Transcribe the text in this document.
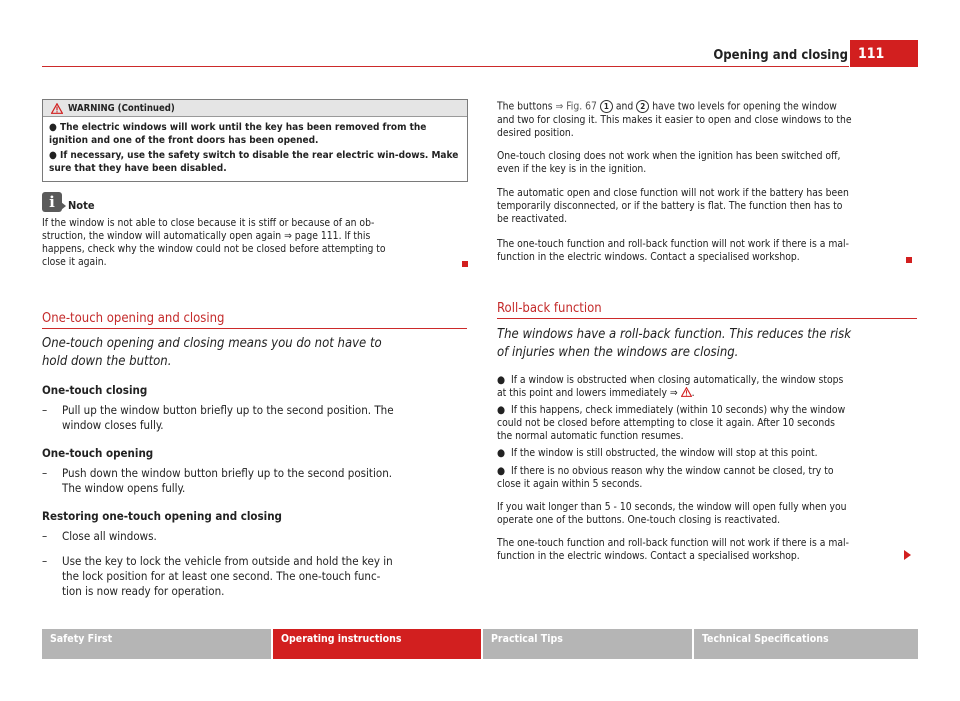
Opening and closing 111
WARNING (Continued)

● The electric windows will work until the key has been removed from the ignition and one of the front doors has been opened.

● If necessary, use the safety switch to disable the rear electric win-dows. Make sure that they have been disabled.

i	Note

If the window is not able to close because it is stiff or because of an ob-

struction, the window will automatically open again ⇒ page 111. If this

happens, check why the window could not be closed before attempting to

close it again.

One-touch opening and closing

One-touch opening and closing means you do not have to

hold down the button.

One-touch closing
–	Pull up the window button briefly up to the second position. The
window closes fully.
One-touch opening
–	Push down the window button briefly up to the second position.
The window opens fully.
Restoring one-touch opening and closing
–	Close all windows.
–	Use the key to lock the vehicle from outside and hold the key in
the lock position for at least one second. The one-touch func-
tion is now ready for operation.

The buttons ⇒ Fig. 67 1 and 2 have two levels for opening the window

and two for closing it. This makes it easier to open and close windows to the

desired position.

One-touch closing does not work when the ignition has been switched off,

even if the key is in the ignition.

The automatic open and close function will not work if the battery has been

temporarily disconnected, or if the battery is flat. The function then has to

be reactivated.

The one-touch function and roll-back function will not work if there is a mal-

function in the electric windows. Contact a specialised workshop.

Roll-back function

The windows have a roll-back function. This reduces the risk

of injuries when the windows are closing.

●  If a window is obstructed when closing automatically, the window stops

at this point and lowers immediately ⇒ .

●  If this happens, check immediately (within 10 seconds) why the window

could not be closed before attempting to close it again. After 10 seconds

the normal automatic function resumes.

●  If the window is still obstructed, the window will stop at this point.

●  If there is no obvious reason why the window cannot be closed, try to

close it again within 5 seconds.

If you wait longer than 5 - 10 seconds, the window will open fully when you

operate one of the buttons. One-touch closing is reactivated.

The one-touch function and roll-back function will not work if there is a mal-

function in the electric windows. Contact a specialised workshop.

Safety First	Operating instructions	Practical Tips	Technical Specifications
